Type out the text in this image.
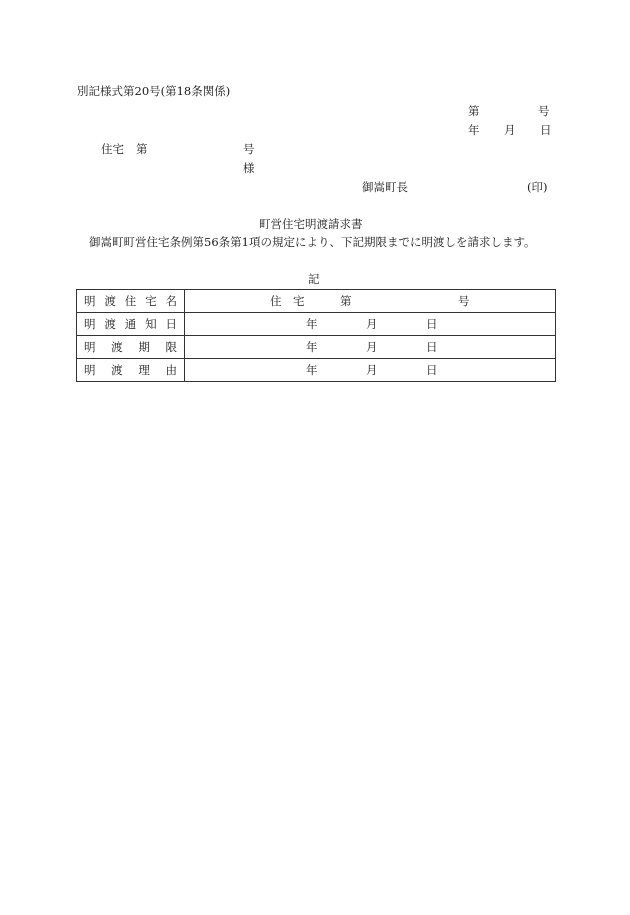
別記様式第20号(第18条関係)
第	号
年 月 日
住宅 第	号
様
御嵩町長	(印)
町営住宅明渡請求書
御嵩町町営住宅条例第56条第1項の規定により、下記期限までに明渡しを請求します。
記
明 渡 住 宅 名	住 宅 第 号

明 渡 通 知 日	年 月 日

明 渡 期 限	年 月 日

明 渡 理 由	年 月 日
